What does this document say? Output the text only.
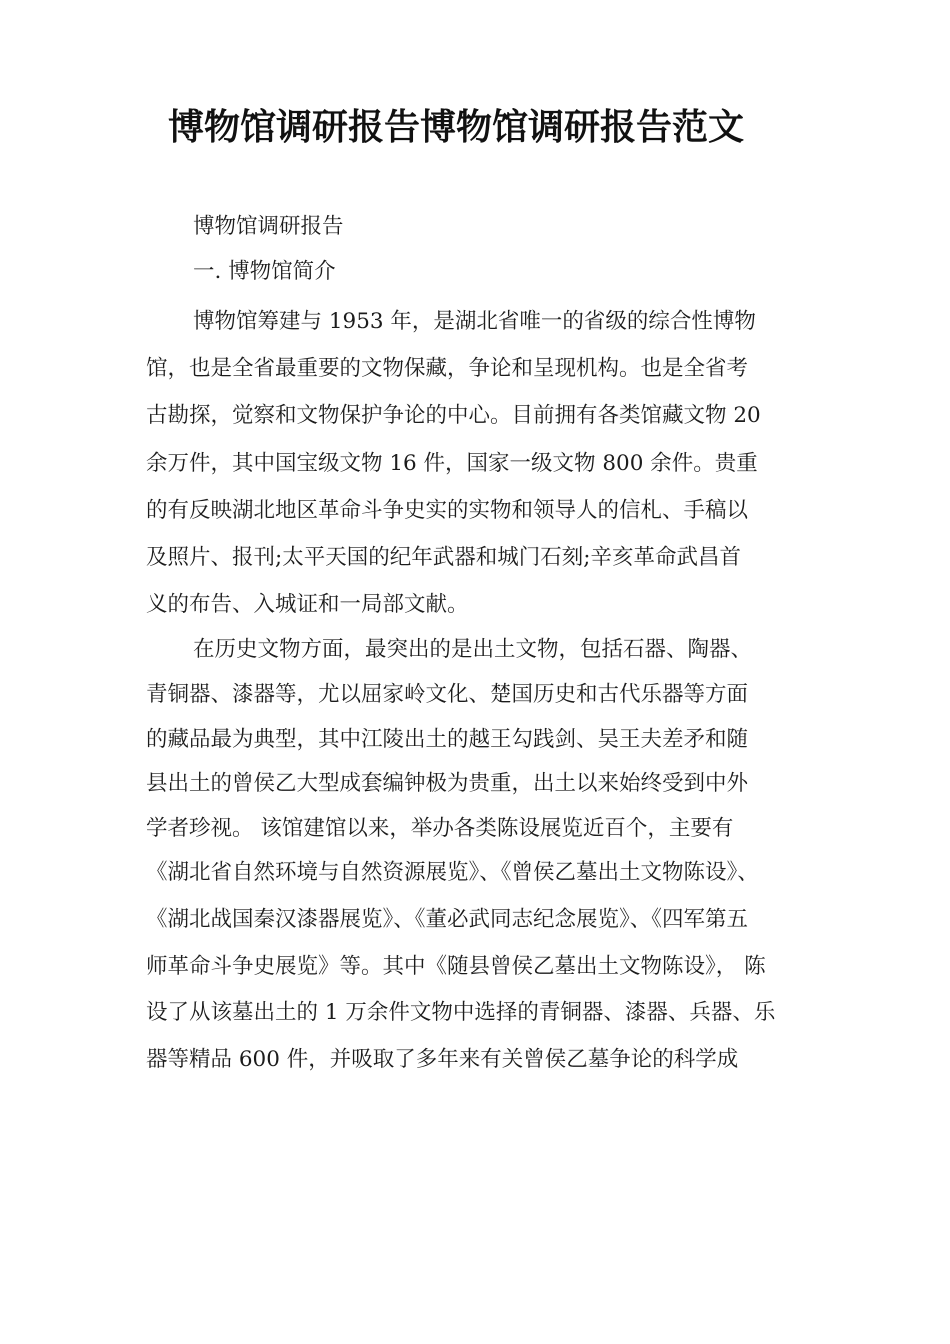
博物馆调研报告博物馆调研报告范文
博物馆调研报告
一. 博物馆简介
博物馆筹建与 1953 年，是湖北省唯一的省级的综合性博物
馆，也是全省最重要的文物保藏，争论和呈现机构。也是全省考
古勘探，觉察和文物保护争论的中心。目前拥有各类馆藏文物 20
余万件，其中国宝级文物 16 件，国家一级文物 800 余件。贵重
的有反映湖北地区革命斗争史实的实物和领导人的信札、手稿以
及照片、报刊;太平天国的纪年武器和城门石刻;辛亥革命武昌首
义的布告、入城证和一局部文献。
在历史文物方面，最突出的是出土文物，包括石器、陶器、
青铜器、漆器等，尤以屈家岭文化、楚国历史和古代乐器等方面
的藏品最为典型，其中江陵出土的越王勾践剑、吴王夫差矛和随
县出土的曾侯乙大型成套编钟极为贵重，出土以来始终受到中外
学者珍视。 该馆建馆以来，举办各类陈设展览近百个，主要有
《湖北省自然环境与自然资源展览》、《曾侯乙墓出土文物陈设》、
《湖北战国秦汉漆器展览》、《董必武同志纪念展览》、《四军第五
师革命斗争史展览》等。其中《随县曾侯乙墓出土文物陈设》， 陈
设了从该墓出土的 1 万余件文物中选择的青铜器、漆器、兵器、乐
器等精品 600 件，并吸取了多年来有关曾侯乙墓争论的科学成
